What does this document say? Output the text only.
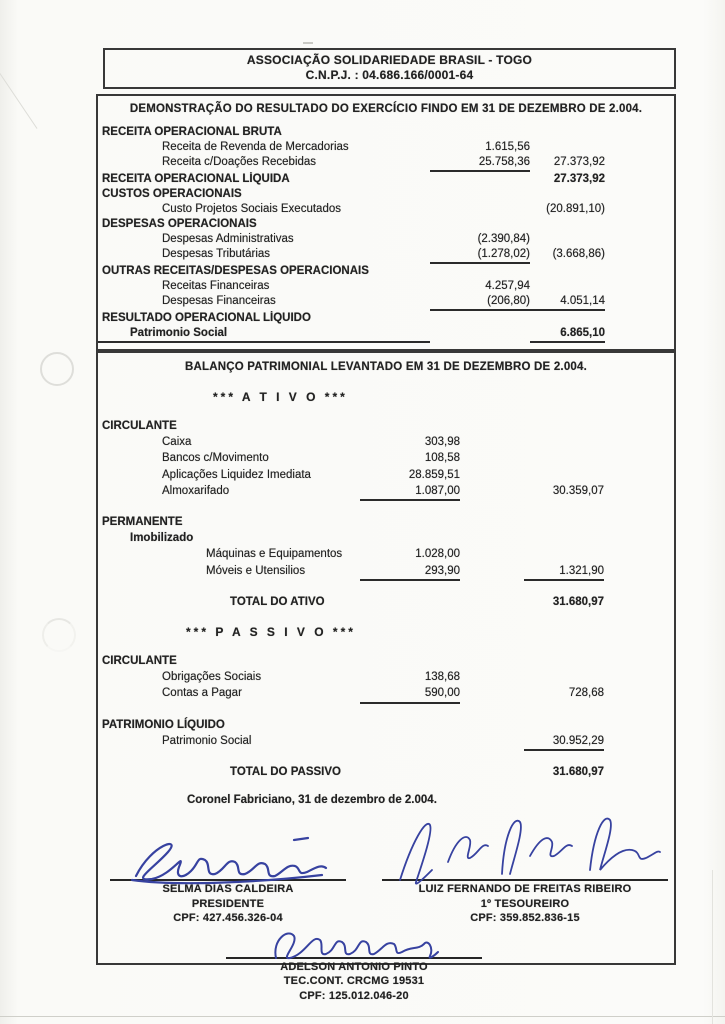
ASSOCIAÇÃO SOLIDARIEDADE BRASIL - TOGO
C.N.P.J. : 04.686.166/0001-64
DEMONSTRAÇÃO DO RESULTADO DO EXERCÍCIO FINDO EM 31 DE DEZEMBRO DE 2.004.
RECEITA OPERACIONAL BRUTA
Receita de Revenda de Mercadorias	1.615,56
Receita c/Doações Recebidas	25.758,36	27.373,92
RECEITA OPERACIONAL LÍQUIDA	27.373,92
CUSTOS OPERACIONAIS
Custo Projetos Sociais Executados	(20.891,10)
DESPESAS OPERACIONAIS
Despesas Administrativas	(2.390,84)
Despesas Tributárias	(1.278,02)	(3.668,86)
OUTRAS RECEITAS/DESPESAS OPERACIONAIS
Receitas Financeiras	4.257,94
Despesas Financeiras	(206,80)	4.051,14
RESULTADO OPERACIONAL LÍQUIDO
Patrimonio Social	6.865,10
BALANÇO PATRIMONIAL LEVANTADO EM 31 DE DEZEMBRO DE 2.004.
*** A T I V O ***
CIRCULANTE
Caixa	303,98
Bancos c/Movimento	108,58
Aplicações Liquidez Imediata	28.859,51
Almoxarifado	1.087,00	30.359,07
PERMANENTE
Imobilizado
Máquinas e Equipamentos	1.028,00
Móveis e Utensilios	293,90	1.321,90
TOTAL DO ATIVO	31.680,97
*** P A S S I V O ***
CIRCULANTE
Obrigações Sociais	138,68
Contas a Pagar	590,00	728,68
PATRIMONIO LÍQUIDO
Patrimonio Social	30.952,29
TOTAL DO PASSIVO	31.680,97
Coronel Fabriciano, 31 de dezembro de 2.004.
SELMA DIAS CALDEIRA
PRESIDENTE
CPF: 427.456.326-04
LUIZ FERNANDO DE FREITAS RIBEIRO
1º TESOUREIRO
CPF: 359.852.836-15
ADELSON ANTONIO PINTO
TEC.CONT. CRCMG 19531
CPF: 125.012.046-20
